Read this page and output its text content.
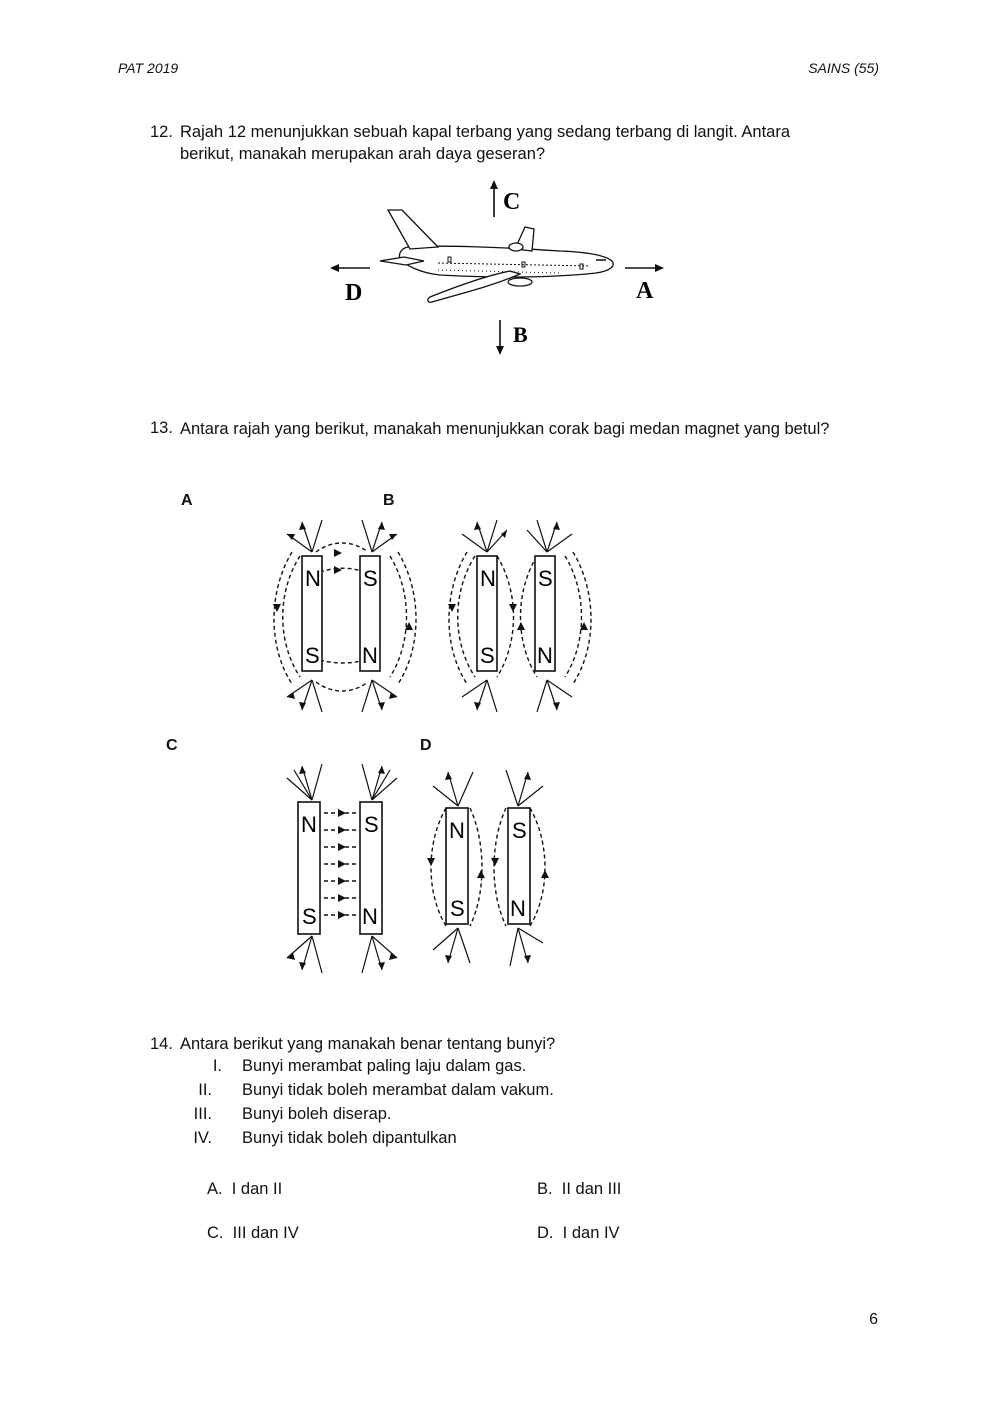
PAT 2019	SAINS (55)
12. Rajah 12 menunjukkan sebuah kapal terbang yang sedang terbang di langit. Antara
berikut, manakah merupakan arah daya geseran?
C
B
D	A
13. Antara rajah yang berikut, manakah menunjukkan corak bagi medan magnet yang betul?
A	B
C	D
N
S
S
N
N
S
S
N
N
S
S
N
N
S
S
N
14. Antara berikut yang manakah benar tentang bunyi?
I. Bunyi merambat paling laju dalam gas.
II. Bunyi tidak boleh merambat dalam vakum.
III. Bunyi boleh diserap.
IV. Bunyi tidak boleh dipantulkan
A. I dan II	B. II dan III
C. III dan IV	D. I dan IV
6
